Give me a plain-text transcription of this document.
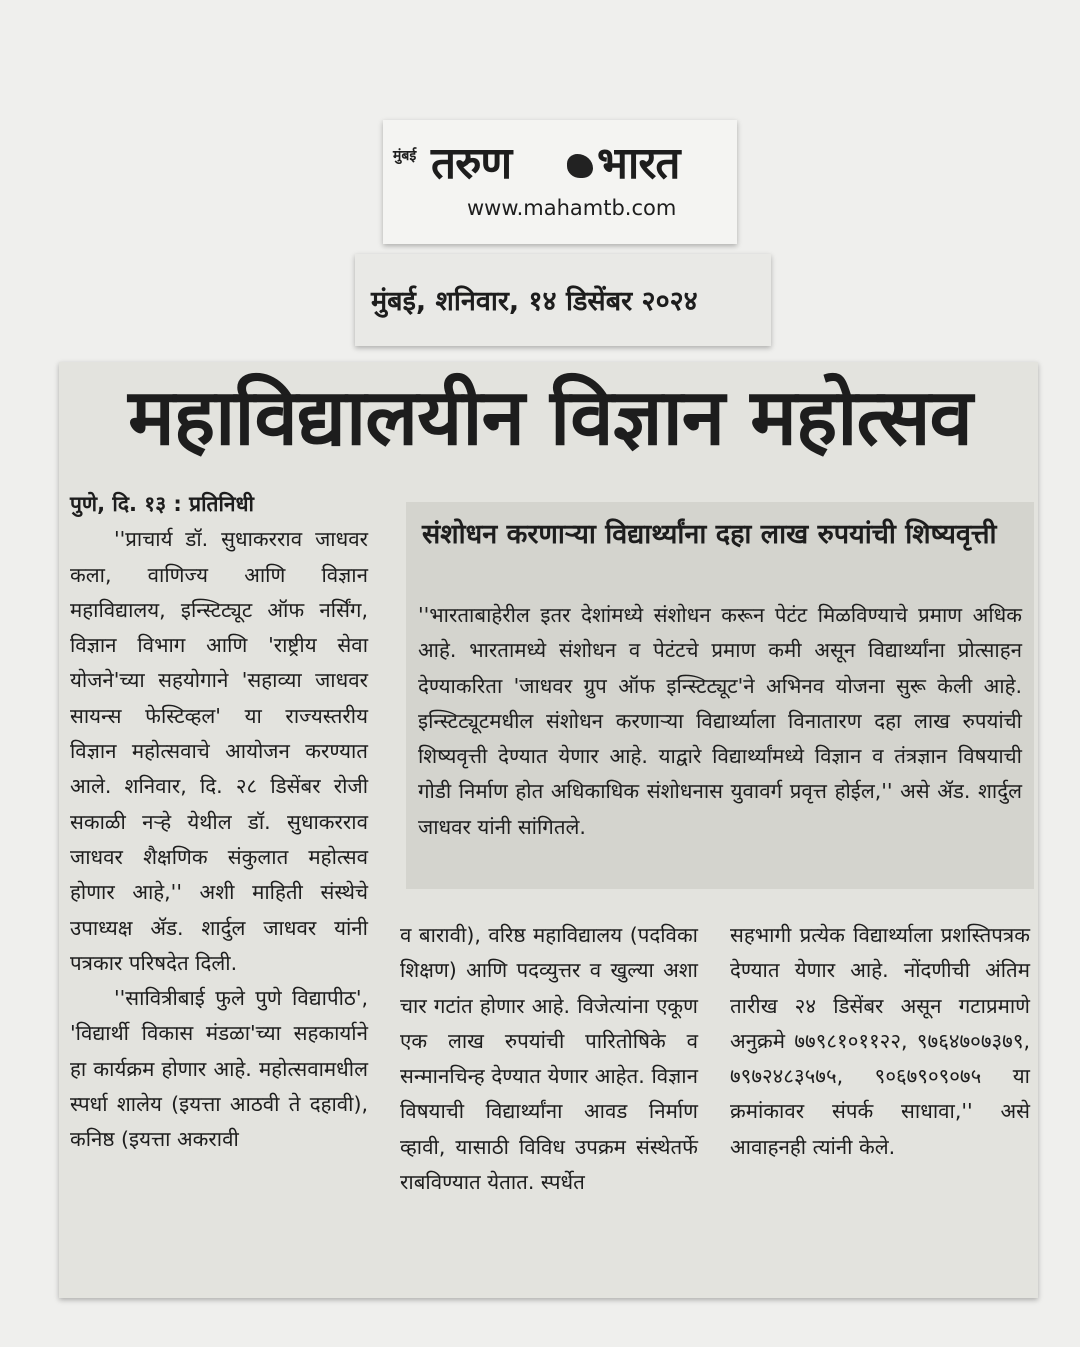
मुंबई तरुण भारत
www.mahamtb.com
मुंबई, शनिवार, १४ डिसेंबर २०२४
महाविद्यालयीन विज्ञान महोत्सव
पुणे, दि. १३ : प्रतिनिधी

''प्राचार्य डॉ. सुधाकरराव जाधवर कला, वाणिज्य आणि विज्ञान महाविद्यालय, इन्स्टिट्यूट ऑफ नर्सिंग, विज्ञान विभाग आणि 'राष्ट्रीय सेवा योजने'च्या सहयोगाने 'सहाव्या जाधवर सायन्स फेस्टिव्हल' या राज्यस्तरीय विज्ञान महोत्सवाचे आयोजन करण्यात आले. शनिवार, दि. २८ डिसेंबर रोजी सकाळी नऱ्हे येथील डॉ. सुधाकरराव जाधवर शैक्षणिक संकुलात महोत्सव होणार आहे,'' अशी माहिती संस्थेचे उपाध्यक्ष ॲड. शार्दुल जाधवर यांनी पत्रकार परिषदेत दिली.

''सावित्रीबाई फुले पुणे विद्यापीठ', 'विद्यार्थी विकास मंडळा'च्या सहकार्याने हा कार्यक्रम होणार आहे. महोत्सवामधील स्पर्धा शालेय (इयत्ता आठवी ते दहावी), कनिष्ठ (इयत्ता अकरावी

संशोधन करणाऱ्या विद्यार्थ्यांना दहा लाख रुपयांची शिष्यवृत्ती
''भारताबाहेरील इतर देशांमध्ये संशोधन करून पेटंट मिळविण्याचे प्रमाण अधिक आहे. भारतामध्ये संशोधन व पेटंटचे प्रमाण कमी असून विद्यार्थ्यांना प्रोत्साहन देण्याकरिता 'जाधवर ग्रुप ऑफ इन्स्टिट्यूट'ने अभिनव योजना सुरू केली आहे. इन्स्टिट्यूटमधील संशोधन करणाऱ्या विद्यार्थ्याला विनातारण दहा लाख रुपयांची शिष्यवृत्ती देण्यात येणार आहे. याद्वारे विद्यार्थ्यांमध्ये विज्ञान व तंत्रज्ञान विषयाची गोडी निर्माण होत अधिकाधिक संशोधनास युवावर्ग प्रवृत्त होईल,'' असे ॲड. शार्दुल जाधवर यांनी सांगितले.
व बारावी), वरिष्ठ महाविद्यालय (पदविका शिक्षण) आणि पदव्युत्तर व खुल्या अशा चार गटांत होणार आहे. विजेत्यांना एकूण एक लाख रुपयांची पारितोषिके व सन्मानचिन्ह देण्यात येणार आहेत. विज्ञान विषयाची विद्यार्थ्यांना आवड निर्माण व्हावी, यासाठी विविध उपक्रम संस्थेतर्फे राबविण्यात येतात. स्पर्धेत
सहभागी प्रत्येक विद्यार्थ्याला प्रशस्तिपत्रक देण्यात येणार आहे. नोंदणीची अंतिम तारीख २४ डिसेंबर असून गटाप्रमाणे अनुक्रमे ७७९८१०११२२, ९७६४७०७३७९, ७९७२४८३५७५, ९०६७९०९०७५ या क्रमांकावर संपर्क साधावा,'' असे आवाहनही त्यांनी केले.
